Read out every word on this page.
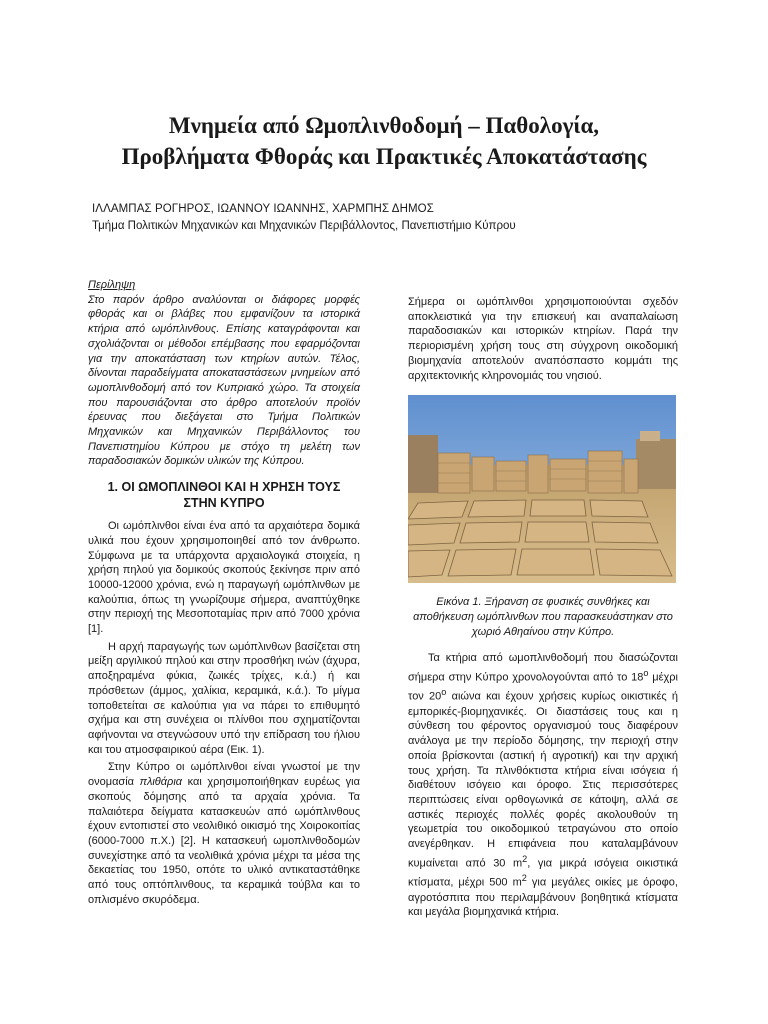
Μνημεία από Ωμοπλινθοδομή – Παθολογία,
Προβλήματα Φθοράς και Πρακτικές Αποκατάστασης
ΙΛΛΑΜΠΑΣ ΡΟΓΗΡΟΣ, ΙΩΑΝΝΟΥ ΙΩΑΝΝΗΣ, ΧΑΡΜΠΗΣ ΔΗΜΟΣ
Τμήμα Πολιτικών Μηχανικών και Μηχανικών Περιβάλλοντος, Πανεπιστήμιο Κύπρου

Περίληψη

Στο παρόν άρθρο αναλύονται οι διάφορες μορφές φθοράς και οι βλάβες που εμφανίζουν τα ιστορικά κτήρια από ωμόπλινθους. Επίσης καταγράφονται και σχολιάζονται οι μέθοδοι επέμβασης που εφαρμόζονται για την αποκατάσταση των κτηρίων αυτών. Τέλος, δίνονται παραδείγματα αποκαταστάσεων μνημείων από ωμοπλινθοδομή από τον Κυπριακό χώρο. Τα στοιχεία που παρουσιάζονται στο άρθρο αποτελούν προϊόν έρευνας που διεξάγεται στο Τμήμα Πολιτικών Μηχανικών και Μηχανικών Περιβάλλοντος του Πανεπιστημίου Κύπρου με στόχο τη μελέτη των παραδοσιακών δομικών υλικών της Κύπρου.

1. ΟΙ ΩΜΟΠΛΙΝΘΟΙ ΚΑΙ Η ΧΡΗΣΗ ΤΟΥΣ
ΣΤΗΝ ΚΥΠΡΟ

Οι ωμόπλινθοι είναι ένα από τα αρχαιότερα δομικά υλικά που έχουν χρησιμοποιηθεί από τον άνθρωπο. Σύμφωνα με τα υπάρχοντα αρχαιολογικά στοιχεία, η χρήση πηλού για δομικούς σκοπούς ξεκίνησε πριν από 10000-12000 χρόνια, ενώ η παραγωγή ωμόπλινθων με καλούπια, όπως τη γνωρίζουμε σήμερα, αναπτύχθηκε στην περιοχή της Μεσοποταμίας πριν από 7000 χρόνια [1].

Η αρχή παραγωγής των ωμόπλινθων βασίζεται στη μείξη αργιλικού πηλού και στην προσθήκη ινών (άχυρα, αποξηραμένα φύκια, ζωικές τρίχες, κ.ά.) ή και πρόσθετων (άμμος, χαλίκια, κεραμικά, κ.ά.). Το μίγμα τοποθετείται σε καλούπια για να πάρει το επιθυμητό σχήμα και στη συνέχεια οι πλίνθοι που σχηματίζονται αφήνονται να στεγνώσουν υπό την επίδραση του ήλιου και του ατμοσφαιρικού αέρα (Εικ. 1).

Στην Κύπρο οι ωμόπλινθοι είναι γνωστοί με την ονομασία πλιθάρια και χρησιμοποιήθηκαν ευρέως για σκοπούς δόμησης από τα αρχαία χρόνια. Τα παλαιότερα δείγματα κατασκευών από ωμόπλινθους έχουν εντοπιστεί στο νεολιθικό οικισμό της Χοιροκοιτίας (6000-7000 π.Χ.) [2]. Η κατασκευή ωμοπλινθοδομών συνεχίστηκε από τα νεολιθικά χρόνια μέχρι τα μέσα της δεκαετίας του 1950, οπότε το υλικό αντικαταστάθηκε από τους οπτόπλινθους, τα κεραμικά τούβλα και το οπλισμένο σκυρόδεμα.

Σήμερα οι ωμόπλινθοι χρησιμοποιούνται σχεδόν αποκλειστικά για την επισκευή και αναπαλαίωση παραδοσιακών και ιστορικών κτηρίων. Παρά την περιορισμένη χρήση τους στη σύγχρονη οικοδομική βιομηχανία αποτελούν αναπόσπαστο κομμάτι της αρχιτεκτονικής κληρονομιάς του νησιού.

Εικόνα 1. Ξήρανση σε φυσικές συνθήκες και αποθήκευση ωμόπλινθων που παρασκευάστηκαν στο χωριό Αθηαίνου στην Κύπρο.

Τα κτήρια από ωμοπλινθοδομή που διασώζονται σήμερα στην Κύπρο χρονολογούνται από το $18^o$ μέχρι τον $20^o$ αιώνα και έχουν χρήσεις κυρίως οικιστικές ή εμπορικές-βιομηχανικές. Οι διαστάσεις τους και η σύνθεση του φέροντος οργανισμού τους διαφέρουν ανάλογα με την περίοδο δόμησης, την περιοχή στην οποία βρίσκονται (αστική ή αγροτική) και την αρχική τους χρήση. Τα πλινθόκτιστα κτήρια είναι ισόγεια ή διαθέτουν ισόγειο και όροφο. Στις περισσότερες περιπτώσεις είναι ορθογωνικά σε κάτοψη, αλλά σε αστικές περιοχές πολλές φορές ακολουθούν τη γεωμετρία του οικοδομικού τετραγώνου στο οποίο ανεγέρθηκαν. Η επιφάνεια που καταλαμβάνουν κυμαίνεται από 30 $m^2$, για μικρά ισόγεια οικιστικά κτίσματα, μέχρι 500 $m^2$ για μεγάλες οικίες με όροφο, αγροτόσπιτα που περιλαμβάνουν βοηθητικά κτίσματα και μεγάλα βιομηχανικά κτήρια.
